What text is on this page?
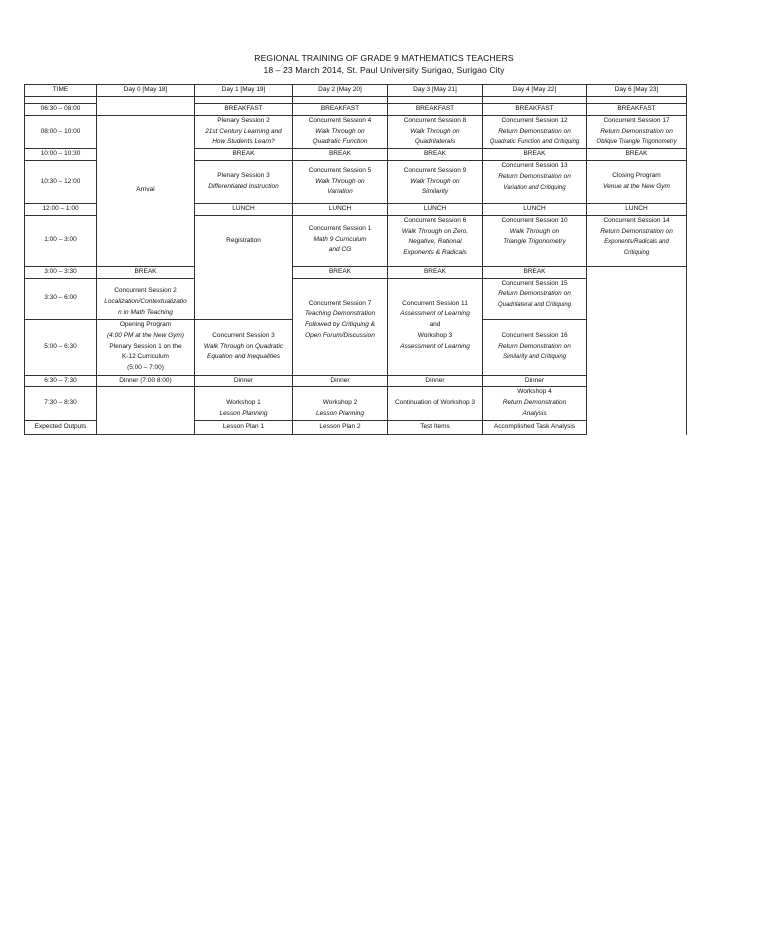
REGIONAL TRAINING OF GRADE 9 MATHEMATICS TEACHERS
18 – 23 March 2014, St. Paul University Surigao, Surigao City
TIME	Day 0 [May 18]	Day 1 [May 19]	Day 2 [May 20]	Day 3 [May 21]	Day 4 [May 22]	Day 6 [May 23]	

06:30 – 08:00		BREAKFAST	BREAKFAST	BREAKFAST	BREAKFAST	BREAKFAST	
08:00 – 10:00	Arrival	Plenary Session 2
21st Century Learning and
How Students Learn?	Concurrent Session 4
Walk Through on
Quadratic Function	Concurrent Session 8
Walk Through on
Quadrilaterals	Concurrent Session 12
Return Demonstration on
Quadratic Function and Critiquing	Concurrent Session 17
Return Demonstration on
Oblique Triangle Trigonometry	

10:00 – 10:30		BREAK	BREAK	BREAK	BREAK	BREAK	
10:30 – 12:00		Plenary Session 3
Differentiated Instruction	Concurrent Session 5
Walk Through on
Variation	Concurrent Session 9
Walk Through on
Similarity	Concurrent Session 13
Return Demonstration on
Variation and Critiquing	Closing Program
Venue at the New Gym	

12:00 – 1:00		LUNCH	LUNCH	LUNCH	LUNCH	LUNCH	
1:00 – 3:00		Registration	Concurrent Session 1
Math 9 Curriculum
and CG	Concurrent Session 6
Walk Through on Zero,
Negative, Rational
Exponents & Radicals	Concurrent Session 10
Walk Through on
Triangle Trigonometry	Concurrent Session 14
Return Demonstration on
Exponents/Radicals and
Critiquing

3:00 – 3:30	BREAK		BREAK	BREAK	BREAK		
3:30 – 6:00	Concurrent Session 2
Localization/Contextualizatio
n in Math Teaching		Concurrent Session 7
Teaching Demonstration
Followed by Critiquing &
Open Forum/Discussion	Concurrent Session 11
Assessment of Learning
and
Workshop 3
Assessment of Learning	Concurrent Session 15
Return Demonstration on
Quadrilateral and Critiquing		

5:00 – 6:30	Opening Program
(4:00 PM at the New Gym)
Plenary Session 1 on the
K-12 Curriculum
(5:00 – 7:00)	Concurrent Session 3
Walk Through on Quadratic
Equation and Inequalities			Concurrent Session 16
Return Demonstration on
Similarity and Critiquing		

6:30 – 7:30	Dinner (7:00 8:00)	Dinner	Dinner	Dinner	Dinner		
7:30 – 8:30		Workshop 1
Lesson Planning	Workshop 2
Lesson Planning	Continuation of Workshop 3	Workshop 4
Return Demonstration
Analysis		

Expected Outputs		Lesson Plan 1	Lesson Plan 2	Test Items	Accomplished Task Analysis		
